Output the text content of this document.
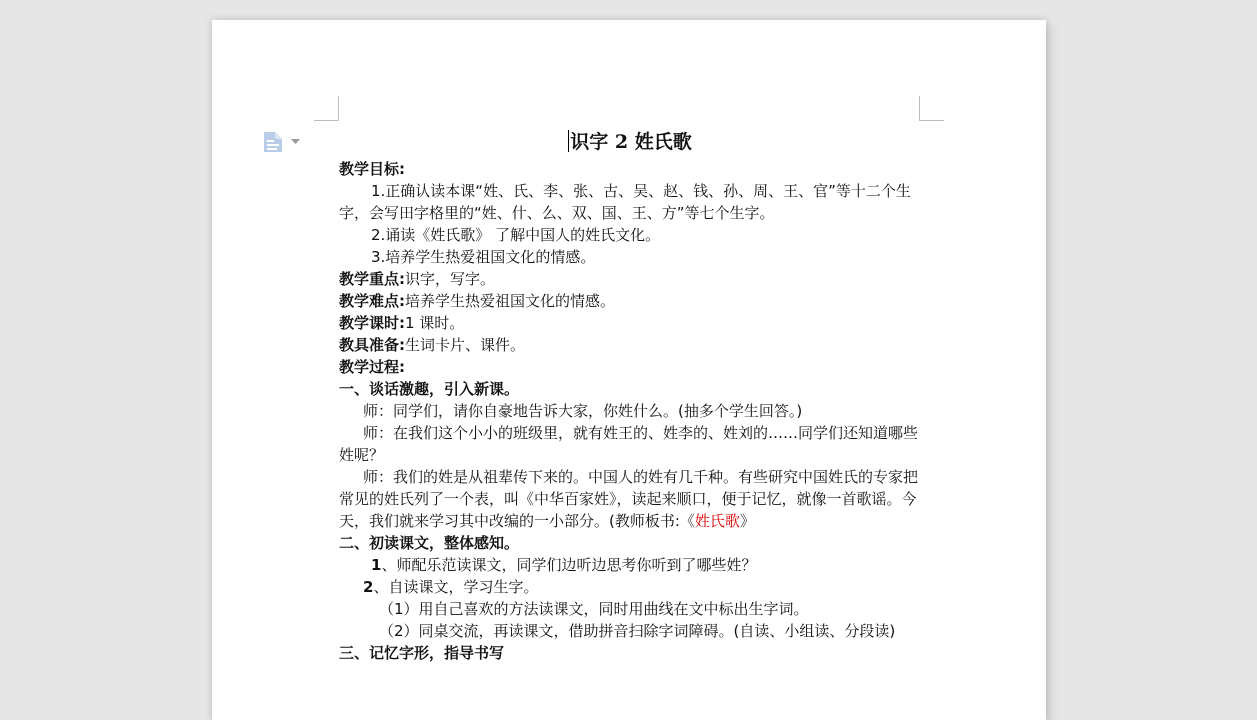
识字 2 姓氏歌

教学目标:

1.正确认读本课“姓、氏、李、张、古、吴、赵、钱、孙、周、王、官”等十二个生字，会写田字格里的“姓、什、么、双、国、王、方”等七个生字。

2.诵读《姓氏歌》 了解中国人的姓氏文化。

3.培养学生热爱祖国文化的情感。

教学重点:识字，写字。

教学难点:培养学生热爱祖国文化的情感。

教学课时:1 课时。

教具准备:生词卡片、课件。

教学过程:

一、谈话激趣，引入新课。

师：同学们，请你自豪地告诉大家，你姓什么。(抽多个学生回答。)

师：在我们这个小小的班级里，就有姓王的、姓李的、姓刘的……同学们还知道哪些姓呢？

师：我们的姓是从祖辈传下来的。中国人的姓有几千种。有些研究中国姓氏的专家把常见的姓氏列了一个表，叫《中华百家姓》，读起来顺口，便于记忆，就像一首歌谣。今天，我们就来学习其中改编的一小部分。(教师板书:《姓氏歌》

二、初读课文，整体感知。

1、师配乐范读课文，同学们边听边思考你听到了哪些姓？

2、自读课文，学习生字。

（1）用自己喜欢的方法读课文，同时用曲线在文中标出生字词。

（2）同桌交流，再读课文，借助拼音扫除字词障碍。(自读、小组读、分段读)

三、记忆字形，指导书写
